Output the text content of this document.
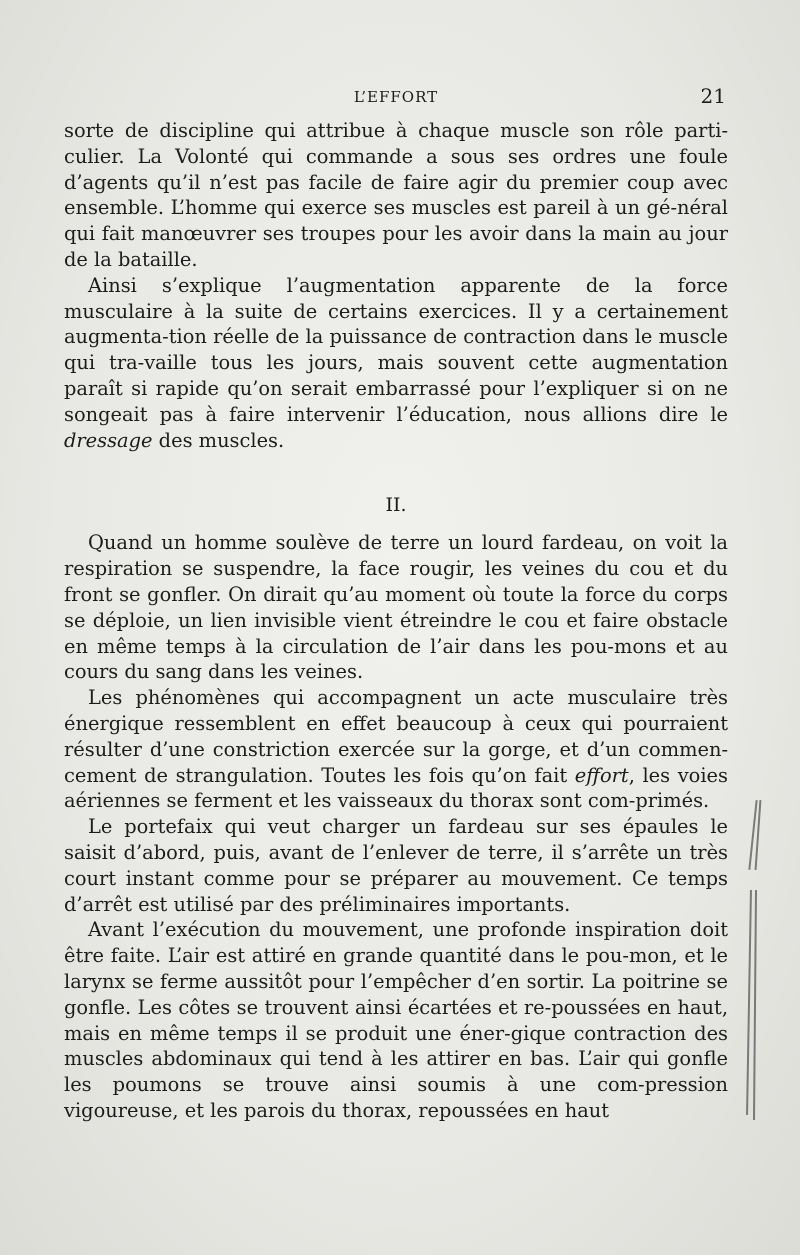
L’EFFORT	21

sorte de discipline qui attribue à chaque muscle son rôle parti-culier. La Volonté qui commande a sous ses ordres une foule d’agents qu’il n’est pas facile de faire agir du premier coup avec ensemble. L’homme qui exerce ses muscles est pareil à un gé-néral qui fait manœuvrer ses troupes pour les avoir dans la main au jour de la bataille.

Ainsi s’explique l’augmentation apparente de la force musculaire à la suite de certains exercices. Il y a certainement augmenta-tion réelle de la puissance de contraction dans le muscle qui tra-vaille tous les jours, mais souvent cette augmentation paraît si rapide qu’on serait embarrassé pour l’expliquer si on ne songeait pas à faire intervenir l’éducation, nous allions dire le dressage des muscles.

II.

Quand un homme soulève de terre un lourd fardeau, on voit la respiration se suspendre, la face rougir, les veines du cou et du front se gonfler. On dirait qu’au moment où toute la force du corps se déploie, un lien invisible vient étreindre le cou et faire obstacle en même temps à la circulation de l’air dans les pou-mons et au cours du sang dans les veines.

Les phénomènes qui accompagnent un acte musculaire très énergique ressemblent en effet beaucoup à ceux qui pourraient résulter d’une constriction exercée sur la gorge, et d’un commen-cement de strangulation. Toutes les fois qu’on fait effort, les voies aériennes se ferment et les vaisseaux du thorax sont com-primés.

Le portefaix qui veut charger un fardeau sur ses épaules le saisit d’abord, puis, avant de l’enlever de terre, il s’arrête un très court instant comme pour se préparer au mouvement. Ce temps d’arrêt est utilisé par des préliminaires importants.

Avant l’exécution du mouvement, une profonde inspiration doit être faite. L’air est attiré en grande quantité dans le pou-mon, et le larynx se ferme aussitôt pour l’empêcher d’en sortir. La poitrine se gonfle. Les côtes se trouvent ainsi écartées et re-poussées en haut, mais en même temps il se produit une éner-gique contraction des muscles abdominaux qui tend à les attirer en bas. L’air qui gonfle les poumons se trouve ainsi soumis à une com-pression vigoureuse, et les parois du thorax, repoussées en haut
